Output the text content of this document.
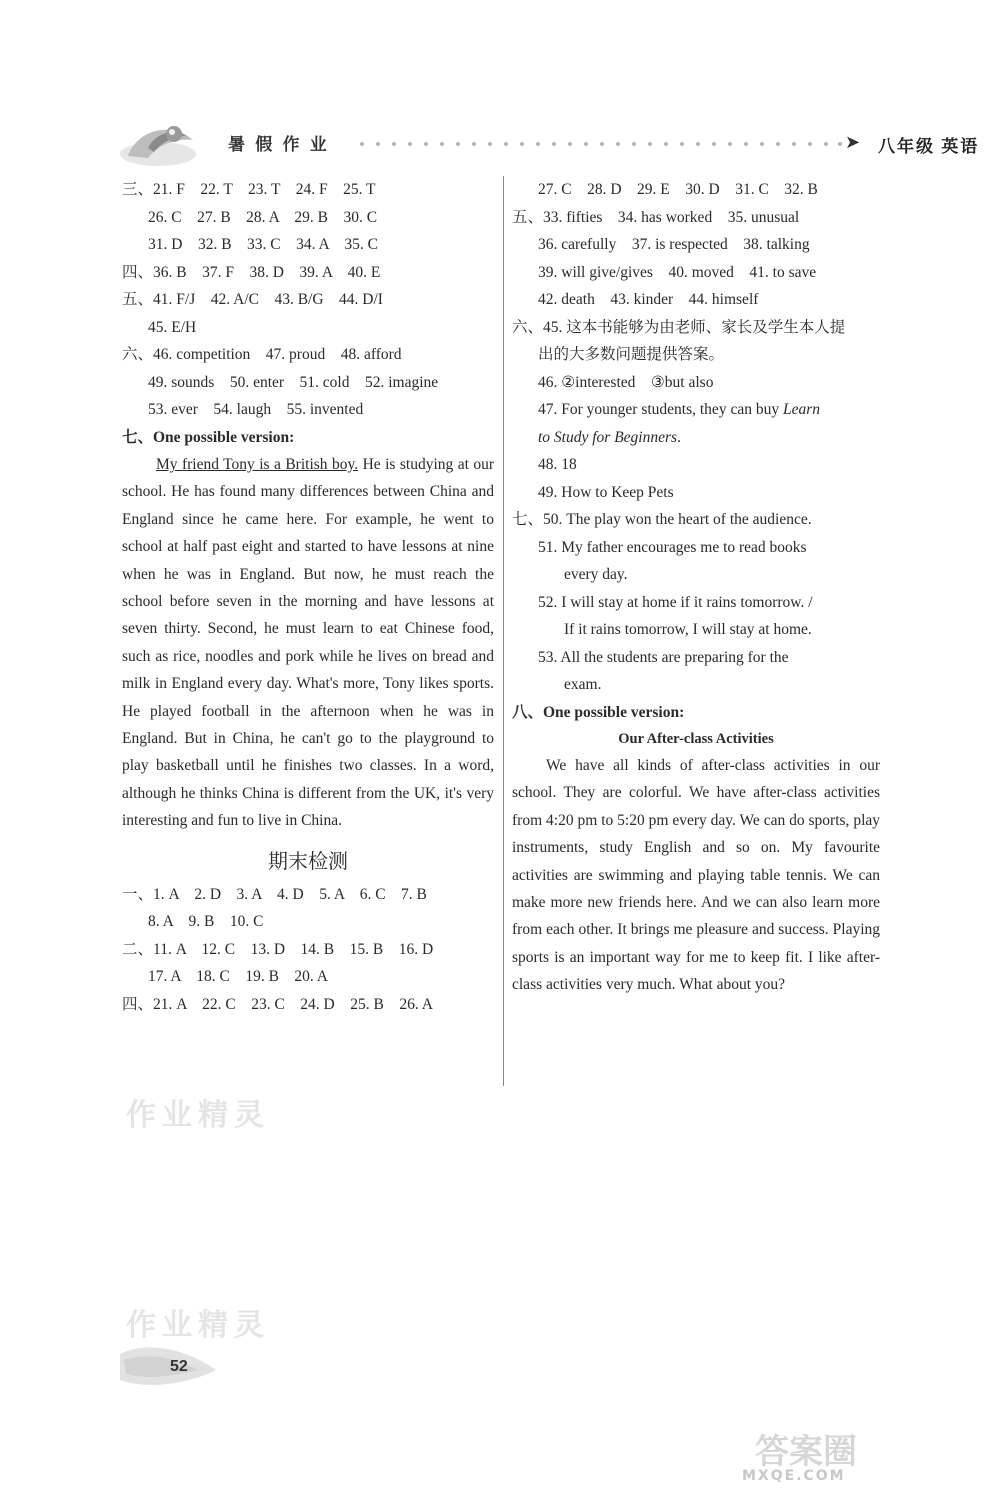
暑 假 作 业	➤ 八年级 英语
三、21. F    22. T    23. T    24. F    25. T
26. C    27. B    28. A    29. B    30. C
31. D    32. B    33. C    34. A    35. C
四、36. B    37. F    38. D    39. A    40. E
五、41. F/J    42. A/C    43. B/G    44. D/I
45. E/H
六、46. competition    47. proud    48. afford
49. sounds    50. enter    51. cold    52. imagine
53. ever    54. laugh    55. invented
七、One possible version:

My friend Tony is a British boy. He is studying at our school. He has found many differences between China and England since he came here. For example, he went to school at half past eight and started to have lessons at nine when he was in England. But now, he must reach the school before seven in the morning and have lessons at seven thirty. Second, he must learn to eat Chinese food, such as rice, noodles and pork while he lives on bread and milk in England every day. What's more, Tony likes sports. He played football in the afternoon when he was in England. But in China, he can't go to the playground to play basketball until he finishes two classes. In a word, although he thinks China is different from the UK, it's very interesting and fun to live in China.

期末检测
一、1. A    2. D    3. A    4. D    5. A    6. C    7. B
8. A    9. B    10. C
二、11. A    12. C    13. D    14. B    15. B    16. D
17. A    18. C    19. B    20. A
四、21. A    22. C    23. C    24. D    25. B    26. A
27. C    28. D    29. E    30. D    31. C    32. B
五、33. fifties    34. has worked    35. unusual
36. carefully    37. is respected    38. talking
39. will give/gives    40. moved    41. to save
42. death    43. kinder    44. himself
六、45. 这本书能够为由老师、家长及学生本人提
出的大多数问题提供答案。
46. ②interested    ③but also
47. For younger students, they can buy Learn
to Study for Beginners.
48. 18
49. How to Keep Pets
七、50. The play won the heart of the audience.
51. My father encourages me to read books
every day.
52. I will stay at home if it rains tomorrow. /
If it rains tomorrow, I will stay at home.
53. All the students are preparing for the
exam.
八、One possible version:
Our After-class Activities

We have all kinds of after-class activities in our school. They are colorful. We have after-class activities from 4:20 pm to 5:20 pm every day. We can do sports, play instruments, study English and so on. My favourite activities are swimming and playing table tennis. We can make more new friends here. And we can also learn more from each other. It brings me pleasure and success. Playing sports is an important way for me to keep fit. I like after-class activities very much. What about you?

作业精灵
作业精灵
52
答案圈
MXQE.COM
